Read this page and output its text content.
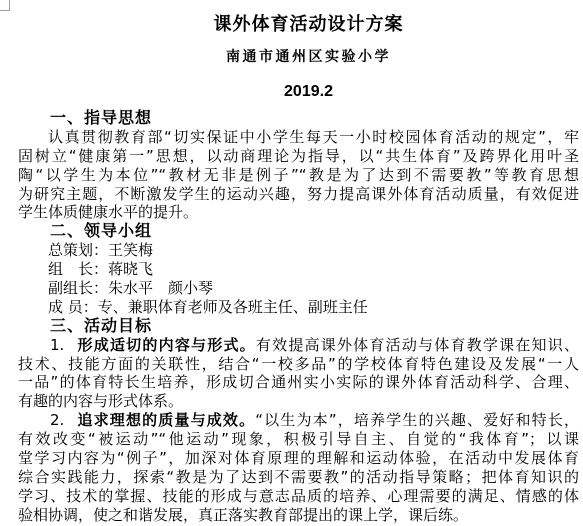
课外体育活动设计方案
南通市通州区实验小学
2019.2
一、指导思想
认真贯彻教育部“切实保证中小学生每天一小时校园体育活动的规定”，牢
固树立“健康第一”思想，以动商理论为指导，以“共生体育”及跨界化用叶圣
陶“以学生为本位”“教材无非是例子”“教是为了达到不需要教”等教育思想
为研究主题，不断激发学生的运动兴趣，努力提高课外体育活动质量，有效促进
学生体质健康水平的提升。
二、领导小组
总策划：王笑梅
组　长：蒋晓飞
副组长：朱水平　颜小琴
成 员：专、兼职体育老师及各班主任、副班主任
三、活动目标
1. 形成适切的内容与形式。有效提高课外体育活动与体育教学课在知识、
技术、技能方面的关联性，结合“一校多品”的学校体育特色建设及发展“一人
一品”的体育特长生培养，形成切合通州实小实际的课外体育活动科学、合理、
有趣的内容与形式体系。
2. 追求理想的质量与成效。“以生为本”，培养学生的兴趣、爱好和特长，
有效改变“被运动”“他运动”现象，积极引导自主、自觉的“我体育”；以课
堂学习内容为“例子”，加深对体育原理的理解和运动体验，在活动中发展体育
综合实践能力，探索“教是为了达到不需要教”的活动指导策略；把体育知识的
学习、技术的掌握、技能的形成与意志品质的培养、心理需要的满足、情感的体
验相协调，使之和谐发展，真正落实教育部提出的课上学，课后练。
